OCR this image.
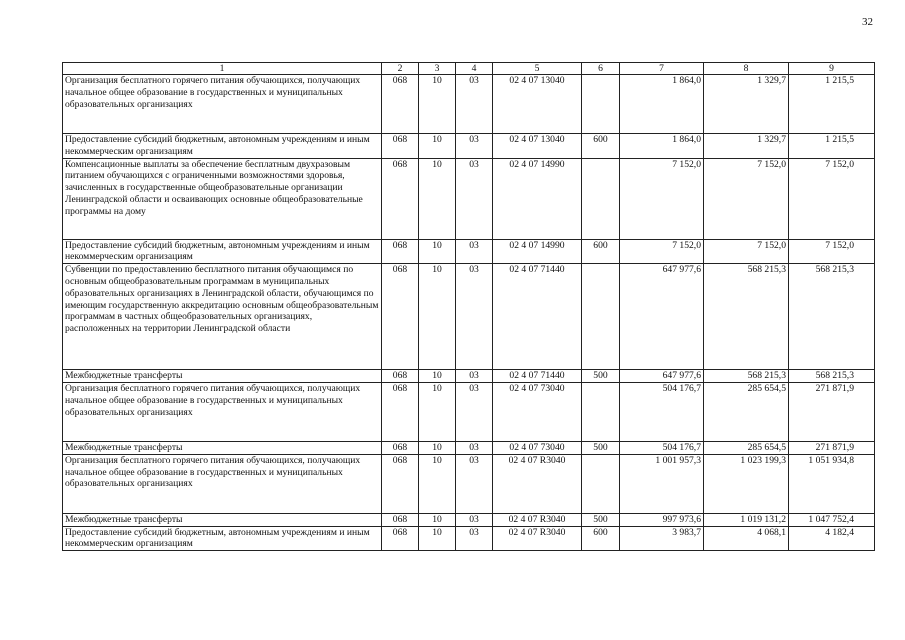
32
1	2	3	4	5	6	7	8	9
Организация бесплатного горячего питания обучающихся, получающих начальное общее образование в государственных и муниципальных образовательных организациях	068	10	03	02 4 07 13040		1 864,0	1 329,7	1 215,5
Предоставление субсидий бюджетным, автономным учреждениям и иным некоммерческим организациям	068	10	03	02 4 07 13040	600	1 864,0	1 329,7	1 215,5
Компенсационные выплаты за обеспечение бесплатным двухразовым питанием обучающихся с ограниченными возможностями здоровья, зачисленных в государственные общеобразовательные организации Ленинградской области и осваивающих основные общеобразовательные программы на дому	068	10	03	02 4 07 14990		7 152,0	7 152,0	7 152,0
Предоставление субсидий бюджетным, автономным учреждениям и иным некоммерческим организациям	068	10	03	02 4 07 14990	600	7 152,0	7 152,0	7 152,0
Субвенции по предоставлению бесплатного питания обучающимся по основным общеобразовательным программам в муниципальных образовательных организациях в Ленинградской области, обучающимся по имеющим государственную аккредитацию основным общеобразовательным программам в частных общеобразовательных организациях, расположенных на территории Ленинградской области	068	10	03	02 4 07 71440		647 977,6	568 215,3	568 215,3
Межбюджетные трансферты	068	10	03	02 4 07 71440	500	647 977,6	568 215,3	568 215,3
Организация бесплатного горячего питания обучающихся, получающих начальное общее образование в государственных и муниципальных образовательных организациях	068	10	03	02 4 07 73040		504 176,7	285 654,5	271 871,9
Межбюджетные трансферты	068	10	03	02 4 07 73040	500	504 176,7	285 654,5	271 871,9
Организация бесплатного горячего питания обучающихся, получающих начальное общее образование в государственных и муниципальных образовательных организациях	068	10	03	02 4 07 R3040		1 001 957,3	1 023 199,3	1 051 934,8
Межбюджетные трансферты	068	10	03	02 4 07 R3040	500	997 973,6	1 019 131,2	1 047 752,4
Предоставление субсидий бюджетным, автономным учреждениям и иным некоммерческим организациям	068	10	03	02 4 07 R3040	600	3 983,7	4 068,1	4 182,4
